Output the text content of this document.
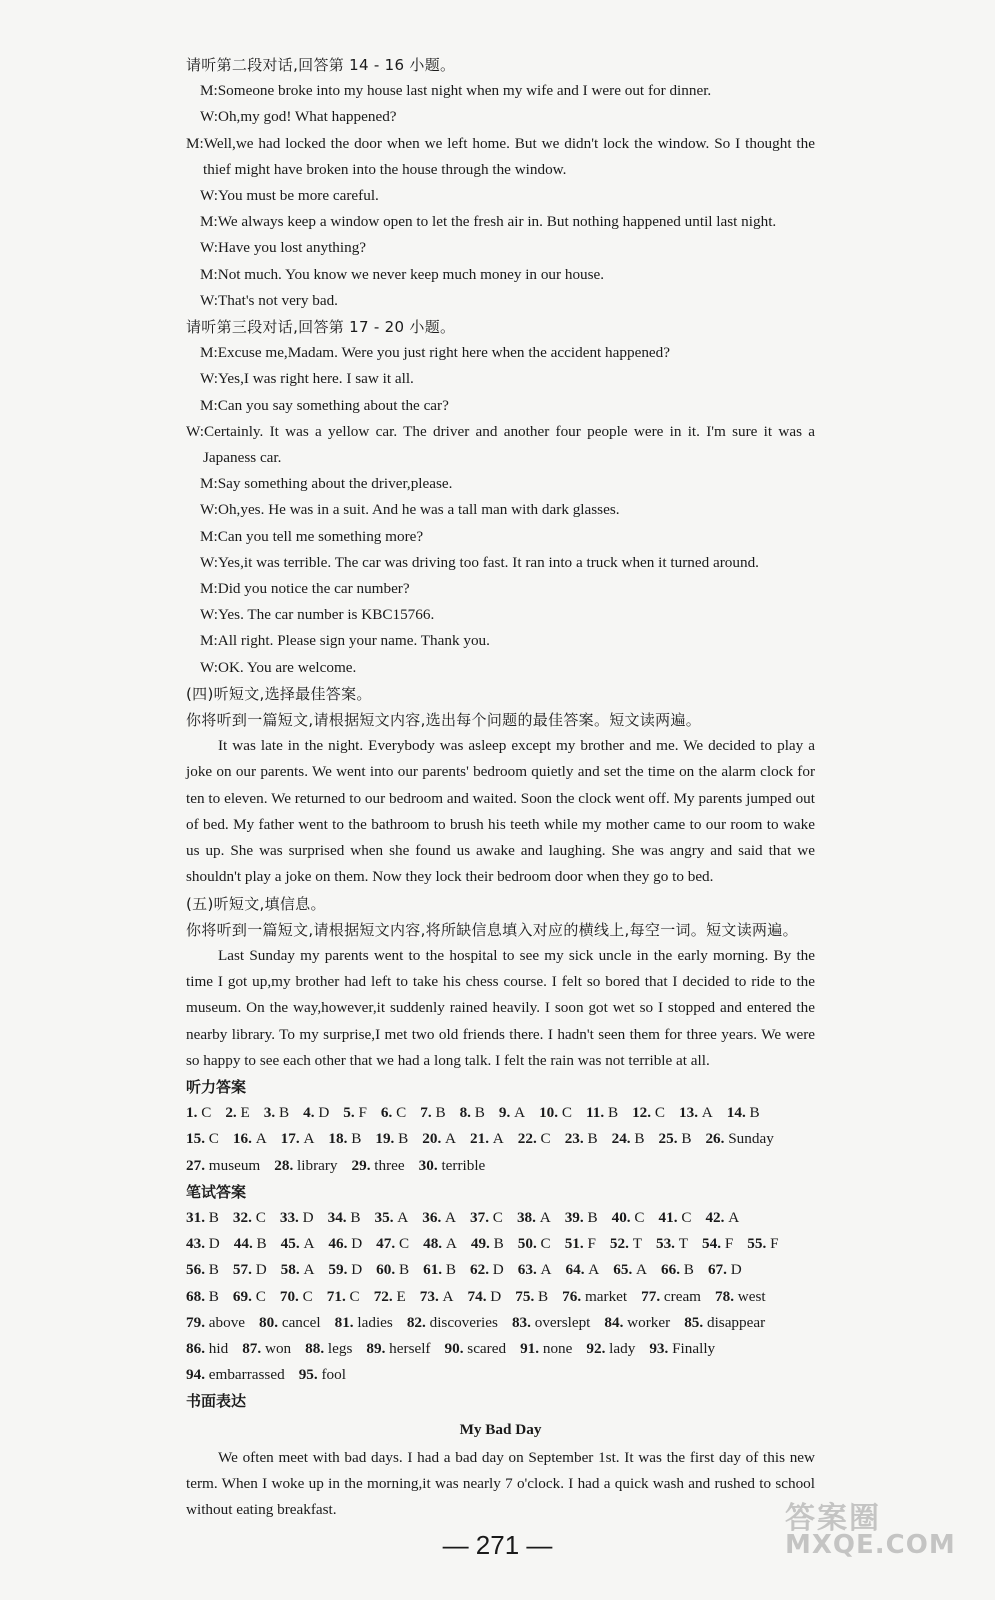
请听第二段对话,回答第 14 - 16 小题。
M:Someone broke into my house last night when my wife and I were out for dinner.
W:Oh,my god! What happened?
M:Well,we had locked the door when we left home. But we didn't lock the window. So I thought the thief might have broken into the house through the window.
W:You must be more careful.
M:We always keep a window open to let the fresh air in. But nothing happened until last night.
W:Have you lost anything?
M:Not much. You know we never keep much money in our house.
W:That's not very bad.
请听第三段对话,回答第 17 - 20 小题。
M:Excuse me,Madam. Were you just right here when the accident happened?
W:Yes,I was right here. I saw it all.
M:Can you say something about the car?
W:Certainly. It was a yellow car. The driver and another four people were in it. I'm sure it was a Japaness car.
M:Say something about the driver,please.
W:Oh,yes. He was in a suit. And he was a tall man with dark glasses.
M:Can you tell me something more?
W:Yes,it was terrible. The car was driving too fast. It ran into a truck when it turned around.
M:Did you notice the car number?
W:Yes. The car number is KBC15766.
M:All right. Please sign your name. Thank you.
W:OK. You are welcome.
(四)听短文,选择最佳答案。
你将听到一篇短文,请根据短文内容,选出每个问题的最佳答案。短文读两遍。
It was late in the night. Everybody was asleep except my brother and me. We decided to play a joke on our parents. We went into our parents' bedroom quietly and set the time on the alarm clock for ten to eleven. We returned to our bedroom and waited. Soon the clock went off. My parents jumped out of bed. My father went to the bathroom to brush his teeth while my mother came to our room to wake us up. She was surprised when she found us awake and laughing. She was angry and said that we shouldn't play a joke on them. Now they lock their bedroom door when they go to bed.
(五)听短文,填信息。
你将听到一篇短文,请根据短文内容,将所缺信息填入对应的横线上,每空一词。短文读两遍。
Last Sunday my parents went to the hospital to see my sick uncle in the early morning. By the time I got up,my brother had left to take his chess course. I felt so bored that I decided to ride to the museum. On the way,however,it suddenly rained heavily. I soon got wet so I stopped and entered the nearby library. To my surprise,I met two old friends there. I hadn't seen them for three years. We were so happy to see each other that we had a long talk. I felt the rain was not terrible at all.
听力答案
1. C 2. E 3. B 4. D 5. F 6. C 7. B 8. B 9. A 10. C 11. B 12. C 13. A 14. B
15. C 16. A 17. A 18. B 19. B 20. A 21. A 22. C 23. B 24. B 25. B 26. Sunday
27. museum 28. library 29. three 30. terrible
笔试答案
31. B 32. C 33. D 34. B 35. A 36. A 37. C 38. A 39. B 40. C 41. C 42. A
43. D 44. B 45. A 46. D 47. C 48. A 49. B 50. C 51. F 52. T 53. T 54. F 55. F
56. B 57. D 58. A 59. D 60. B 61. B 62. D 63. A 64. A 65. A 66. B 67. D
68. B 69. C 70. C 71. C 72. E 73. A 74. D 75. B 76. market 77. cream 78. west
79. above 80. cancel 81. ladies 82. discoveries 83. overslept 84. worker 85. disappear
86. hid 87. won 88. legs 89. herself 90. scared 91. none 92. lady 93. Finally
94. embarrassed 95. fool
书面表达
My Bad Day
We often meet with bad days. I had a bad day on September 1st. It was the first day of this new term. When I woke up in the morning,it was nearly 7 o'clock. I had a quick wash and rushed to school without eating breakfast.
— 271 —
答案圈
MXQE.COM
